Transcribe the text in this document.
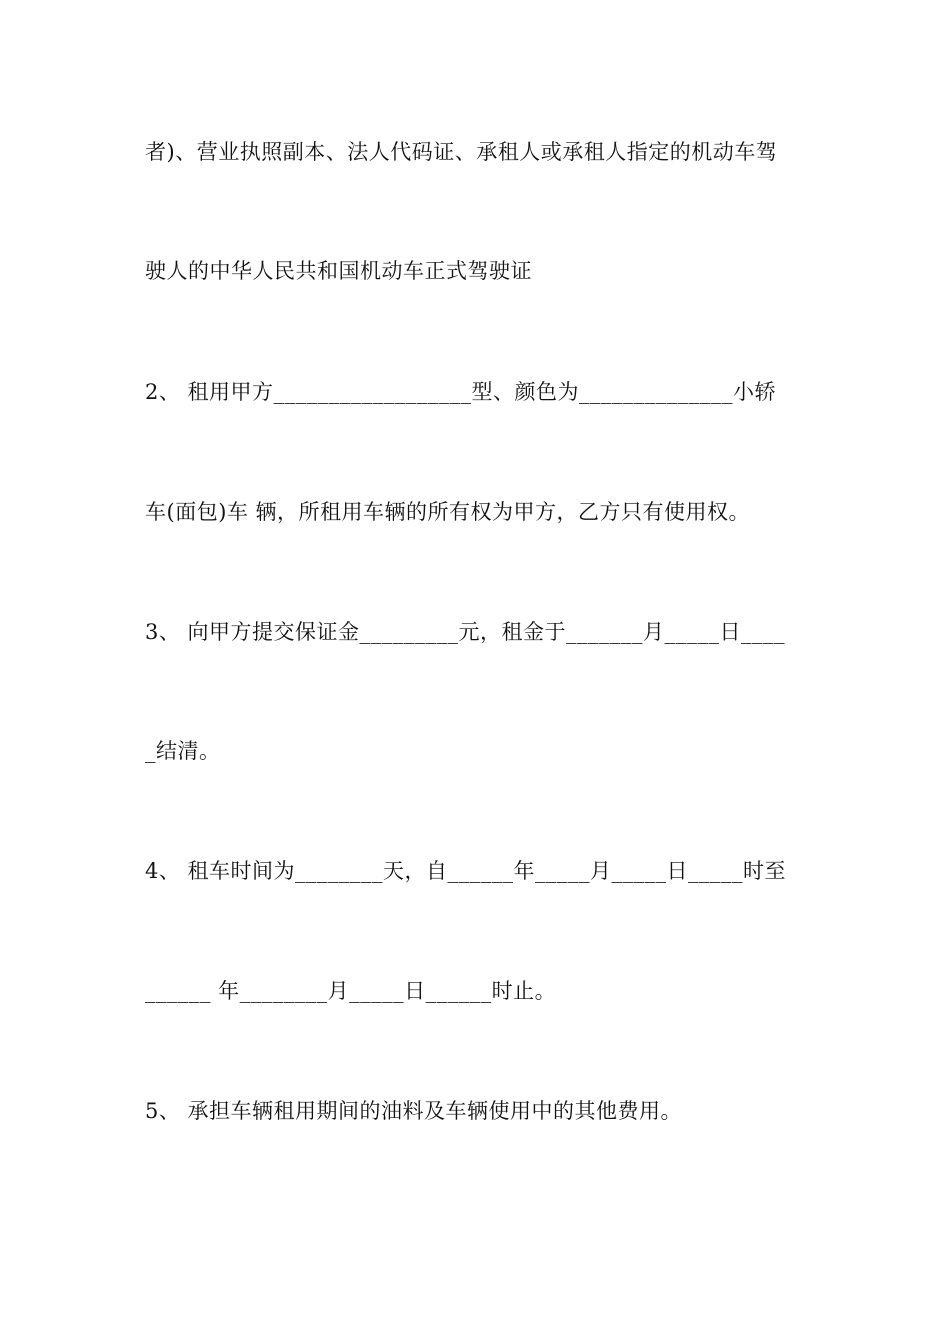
者)、营业执照副本、法人代码证、承租人或承租人指定的机动车驾
驶人的中华人民共和国机动车正式驾驶证
2、 租用甲方__________________型、颜色为______________小轿
车(面包)车 辆，所租用车辆的所有权为甲方，乙方只有使用权。
3、 向甲方提交保证金_________元，租金于_______月_____日____
_结清。
4、 租车时间为________天，自______年_____月_____日_____时至
______ 年________月_____日______时止。
5、 承担车辆租用期间的油料及车辆使用中的其他费用。
